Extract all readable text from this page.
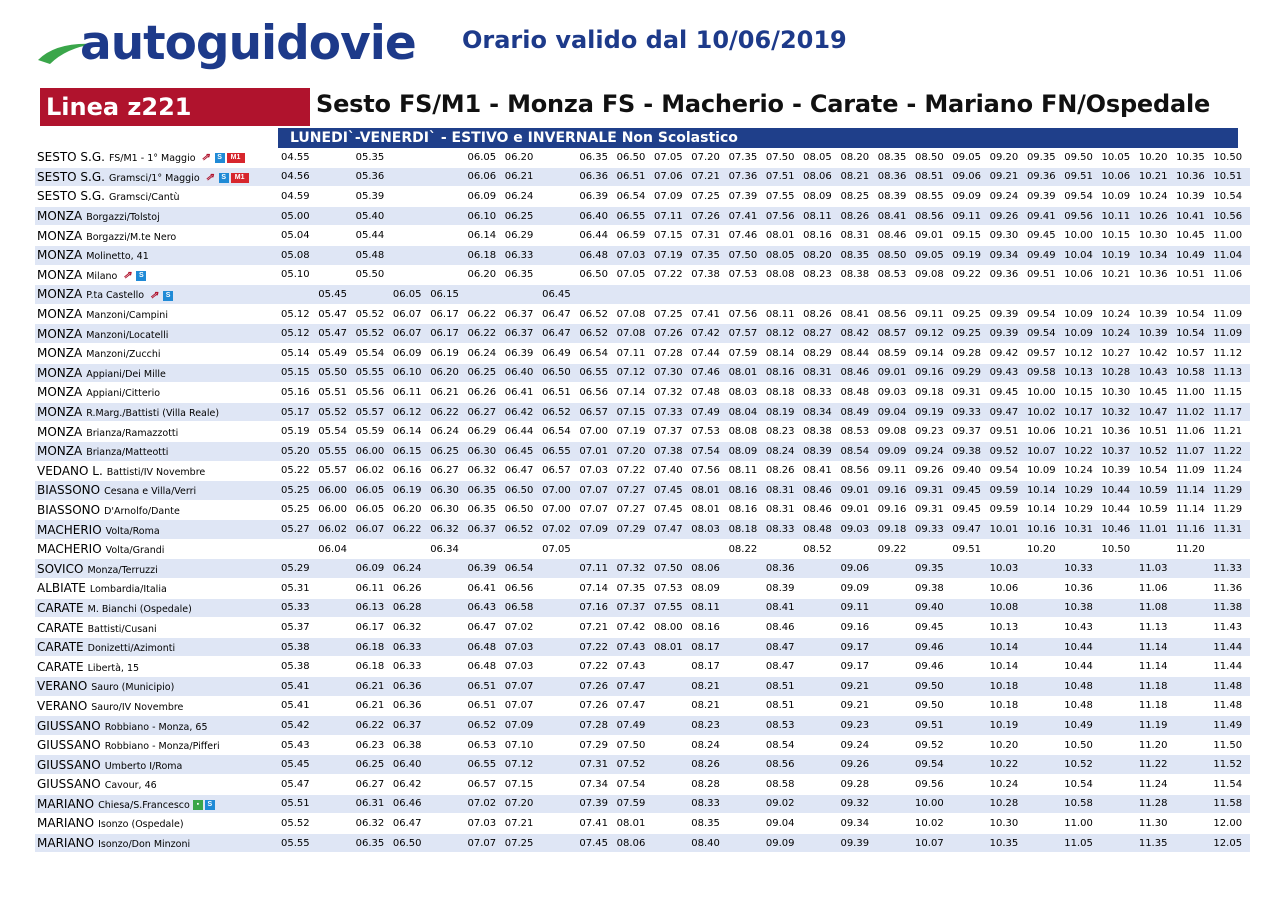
autoguidovie Orario valido dal 10/06/2019
Linea z221	Sesto FS/M1 - Monza FS - Macherio - Carate - Mariano FN/Ospedale
LUNEDI`-VENERDI` - ESTIVO e INVERNALE Non Scolastico
SESTO S.G. FS/M1 - 1° Maggio ⇗ S M1	04.55		05.35			06.05	06.20		06.35	06.50	07.05	07.20	07.35	07.50	08.05	08.20	08.35	08.50	09.05	09.20	09.35	09.50	10.05	10.20	10.35	10.50
SESTO S.G. Gramsci/1° Maggio ⇗ S M1	04.56		05.36			06.06	06.21		06.36	06.51	07.06	07.21	07.36	07.51	08.06	08.21	08.36	08.51	09.06	09.21	09.36	09.51	10.06	10.21	10.36	10.51
SESTO S.G. Gramsci/Cantù	04.59		05.39			06.09	06.24		06.39	06.54	07.09	07.25	07.39	07.55	08.09	08.25	08.39	08.55	09.09	09.24	09.39	09.54	10.09	10.24	10.39	10.54
MONZA Borgazzi/Tolstoj	05.00		05.40			06.10	06.25		06.40	06.55	07.11	07.26	07.41	07.56	08.11	08.26	08.41	08.56	09.11	09.26	09.41	09.56	10.11	10.26	10.41	10.56
MONZA Borgazzi/M.te Nero	05.04		05.44			06.14	06.29		06.44	06.59	07.15	07.31	07.46	08.01	08.16	08.31	08.46	09.01	09.15	09.30	09.45	10.00	10.15	10.30	10.45	11.00
MONZA Molinetto, 41	05.08		05.48			06.18	06.33		06.48	07.03	07.19	07.35	07.50	08.05	08.20	08.35	08.50	09.05	09.19	09.34	09.49	10.04	10.19	10.34	10.49	11.04
MONZA Milano ⇗ S	05.10		05.50			06.20	06.35		06.50	07.05	07.22	07.38	07.53	08.08	08.23	08.38	08.53	09.08	09.22	09.36	09.51	10.06	10.21	10.36	10.51	11.06
MONZA P.ta Castello ⇗ S		05.45		06.05	06.15			06.45																		
MONZA Manzoni/Campini	05.12	05.47	05.52	06.07	06.17	06.22	06.37	06.47	06.52	07.08	07.25	07.41	07.56	08.11	08.26	08.41	08.56	09.11	09.25	09.39	09.54	10.09	10.24	10.39	10.54	11.09
MONZA Manzoni/Locatelli	05.12	05.47	05.52	06.07	06.17	06.22	06.37	06.47	06.52	07.08	07.26	07.42	07.57	08.12	08.27	08.42	08.57	09.12	09.25	09.39	09.54	10.09	10.24	10.39	10.54	11.09
MONZA Manzoni/Zucchi	05.14	05.49	05.54	06.09	06.19	06.24	06.39	06.49	06.54	07.11	07.28	07.44	07.59	08.14	08.29	08.44	08.59	09.14	09.28	09.42	09.57	10.12	10.27	10.42	10.57	11.12
MONZA Appiani/Dei Mille	05.15	05.50	05.55	06.10	06.20	06.25	06.40	06.50	06.55	07.12	07.30	07.46	08.01	08.16	08.31	08.46	09.01	09.16	09.29	09.43	09.58	10.13	10.28	10.43	10.58	11.13
MONZA Appiani/Citterio	05.16	05.51	05.56	06.11	06.21	06.26	06.41	06.51	06.56	07.14	07.32	07.48	08.03	08.18	08.33	08.48	09.03	09.18	09.31	09.45	10.00	10.15	10.30	10.45	11.00	11.15
MONZA R.Marg./Battisti (Villa Reale)	05.17	05.52	05.57	06.12	06.22	06.27	06.42	06.52	06.57	07.15	07.33	07.49	08.04	08.19	08.34	08.49	09.04	09.19	09.33	09.47	10.02	10.17	10.32	10.47	11.02	11.17
MONZA Brianza/Ramazzotti	05.19	05.54	05.59	06.14	06.24	06.29	06.44	06.54	07.00	07.19	07.37	07.53	08.08	08.23	08.38	08.53	09.08	09.23	09.37	09.51	10.06	10.21	10.36	10.51	11.06	11.21
MONZA Brianza/Matteotti	05.20	05.55	06.00	06.15	06.25	06.30	06.45	06.55	07.01	07.20	07.38	07.54	08.09	08.24	08.39	08.54	09.09	09.24	09.38	09.52	10.07	10.22	10.37	10.52	11.07	11.22
VEDANO L. Battisti/IV Novembre	05.22	05.57	06.02	06.16	06.27	06.32	06.47	06.57	07.03	07.22	07.40	07.56	08.11	08.26	08.41	08.56	09.11	09.26	09.40	09.54	10.09	10.24	10.39	10.54	11.09	11.24
BIASSONO Cesana e Villa/Verri	05.25	06.00	06.05	06.19	06.30	06.35	06.50	07.00	07.07	07.27	07.45	08.01	08.16	08.31	08.46	09.01	09.16	09.31	09.45	09.59	10.14	10.29	10.44	10.59	11.14	11.29
BIASSONO D'Arnolfo/Dante	05.25	06.00	06.05	06.20	06.30	06.35	06.50	07.00	07.07	07.27	07.45	08.01	08.16	08.31	08.46	09.01	09.16	09.31	09.45	09.59	10.14	10.29	10.44	10.59	11.14	11.29
MACHERIO Volta/Roma	05.27	06.02	06.07	06.22	06.32	06.37	06.52	07.02	07.09	07.29	07.47	08.03	08.18	08.33	08.48	09.03	09.18	09.33	09.47	10.01	10.16	10.31	10.46	11.01	11.16	11.31
MACHERIO Volta/Grandi		06.04			06.34			07.05					08.22		08.52		09.22		09.51		10.20		10.50		11.20	
SOVICO Monza/Terruzzi	05.29		06.09	06.24		06.39	06.54		07.11	07.32	07.50	08.06		08.36		09.06		09.35		10.03		10.33		11.03		11.33
ALBIATE Lombardia/Italia	05.31		06.11	06.26		06.41	06.56		07.14	07.35	07.53	08.09		08.39		09.09		09.38		10.06		10.36		11.06		11.36
CARATE M. Bianchi (Ospedale)	05.33		06.13	06.28		06.43	06.58		07.16	07.37	07.55	08.11		08.41		09.11		09.40		10.08		10.38		11.08		11.38
CARATE Battisti/Cusani	05.37		06.17	06.32		06.47	07.02		07.21	07.42	08.00	08.16		08.46		09.16		09.45		10.13		10.43		11.13		11.43
CARATE Donizetti/Azimonti	05.38		06.18	06.33		06.48	07.03		07.22	07.43	08.01	08.17		08.47		09.17		09.46		10.14		10.44		11.14		11.44
CARATE Libertà, 15	05.38		06.18	06.33		06.48	07.03		07.22	07.43		08.17		08.47		09.17		09.46		10.14		10.44		11.14		11.44
VERANO Sauro (Municipio)	05.41		06.21	06.36		06.51	07.07		07.26	07.47		08.21		08.51		09.21		09.50		10.18		10.48		11.18		11.48
VERANO Sauro/IV Novembre	05.41		06.21	06.36		06.51	07.07		07.26	07.47		08.21		08.51		09.21		09.50		10.18		10.48		11.18		11.48
GIUSSANO Robbiano - Monza, 65	05.42		06.22	06.37		06.52	07.09		07.28	07.49		08.23		08.53		09.23		09.51		10.19		10.49		11.19		11.49
GIUSSANO Robbiano - Monza/Pifferi	05.43		06.23	06.38		06.53	07.10		07.29	07.50		08.24		08.54		09.24		09.52		10.20		10.50		11.20		11.50
GIUSSANO Umberto I/Roma	05.45		06.25	06.40		06.55	07.12		07.31	07.52		08.26		08.56		09.26		09.54		10.22		10.52		11.22		11.52
GIUSSANO Cavour, 46	05.47		06.27	06.42		06.57	07.15		07.34	07.54		08.28		08.58		09.28		09.56		10.24		10.54		11.24		11.54
MARIANO Chiesa/S.Francesco ▪ S	05.51		06.31	06.46		07.02	07.20		07.39	07.59		08.33		09.02		09.32		10.00		10.28		10.58		11.28		11.58
MARIANO Isonzo (Ospedale)	05.52		06.32	06.47		07.03	07.21		07.41	08.01		08.35		09.04		09.34		10.02		10.30		11.00		11.30		12.00
MARIANO Isonzo/Don Minzoni	05.55		06.35	06.50		07.07	07.25		07.45	08.06		08.40		09.09		09.39		10.07		10.35		11.05		11.35		12.05
